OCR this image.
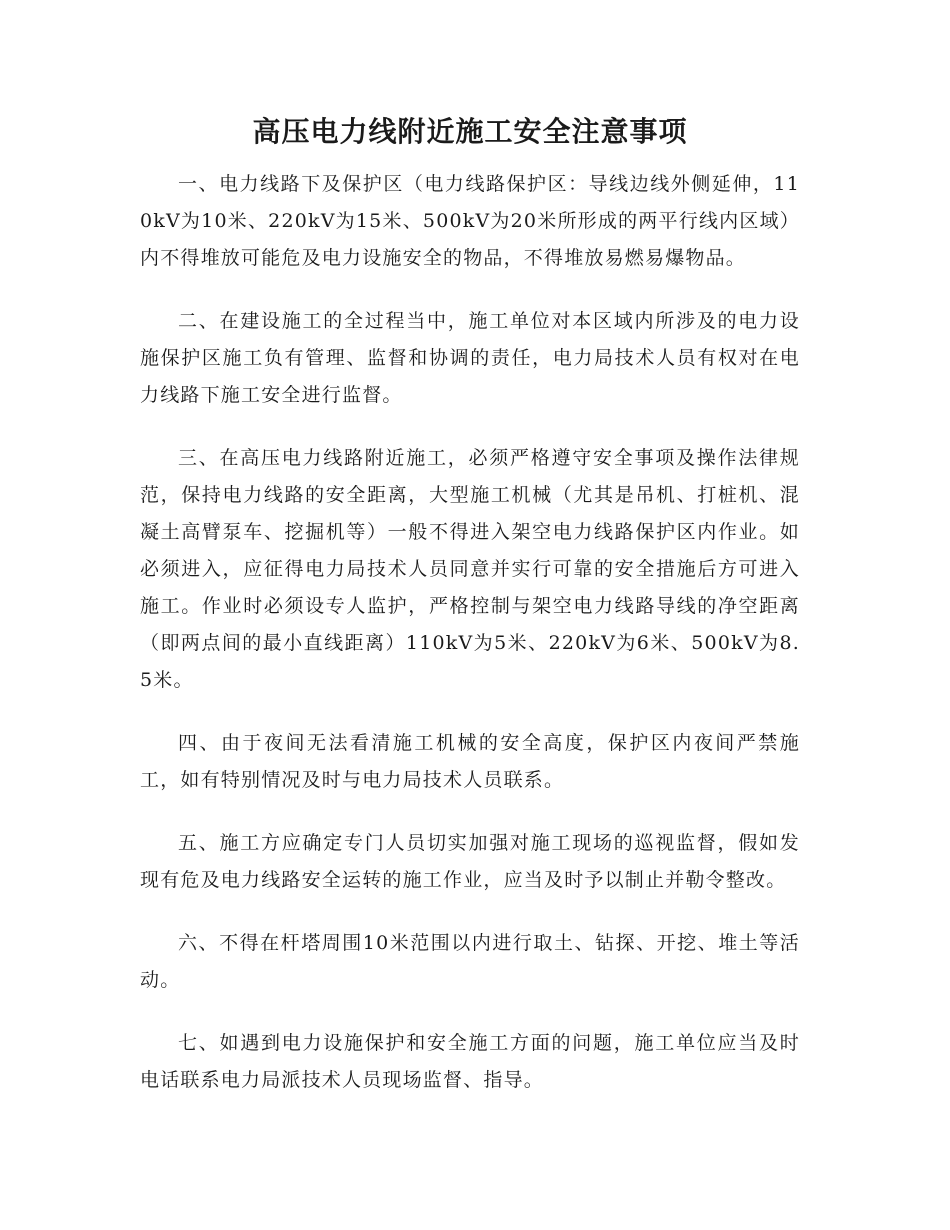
高压电力线附近施工安全注意事项

一、电力线路下及保护区（电力线路保护区：导线边线外侧延伸，110kV为10米、220kV为15米、500kV为20米所形成的两平行线内区域）内不得堆放可能危及电力设施安全的物品，不得堆放易燃易爆物品。

二、在建设施工的全过程当中，施工单位对本区域内所涉及的电力设施保护区施工负有管理、监督和协调的责任，电力局技术人员有权对在电力线路下施工安全进行监督。

三、在高压电力线路附近施工，必须严格遵守安全事项及操作法律规范，保持电力线路的安全距离，大型施工机械（尤其是吊机、打桩机、混凝土高臂泵车、挖掘机等）一般不得进入架空电力线路保护区内作业。如必须进入，应征得电力局技术人员同意并实行可靠的安全措施后方可进入施工。作业时必须设专人监护，严格控制与架空电力线路导线的净空距离（即两点间的最小直线距离）110kV为5米、220kV为6米、500kV为8.5米。

四、由于夜间无法看清施工机械的安全高度，保护区内夜间严禁施工，如有特别情况及时与电力局技术人员联系。

五、施工方应确定专门人员切实加强对施工现场的巡视监督，假如发现有危及电力线路安全运转的施工作业，应当及时予以制止并勒令整改。

六、不得在杆塔周围10米范围以内进行取土、钻探、开挖、堆土等活动。

七、如遇到电力设施保护和安全施工方面的问题，施工单位应当及时电话联系电力局派技术人员现场监督、指导。
